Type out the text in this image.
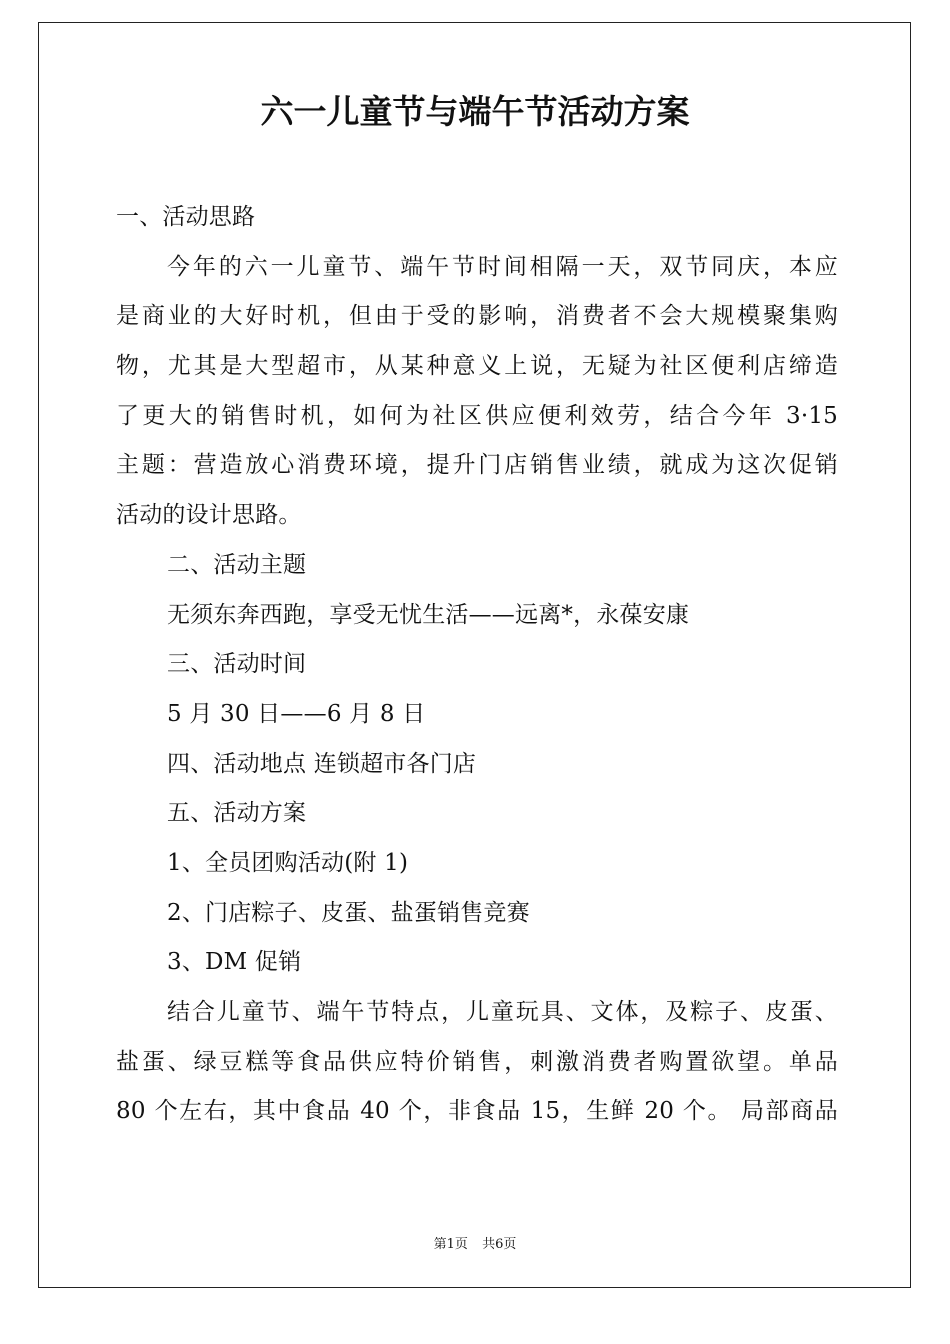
六一儿童节与端午节活动方案
一、活动思路
今年的六一儿童节、端午节时间相隔一天，双节同庆，本应
是商业的大好时机，但由于受的影响，消费者不会大规模聚集购
物，尤其是大型超市，从某种意义上说，无疑为社区便利店缔造
了更大的销售时机，如何为社区供应便利效劳，结合今年 3·15
主题：营造放心消费环境，提升门店销售业绩，就成为这次促销
活动的设计思路。
二、活动主题
无须东奔西跑，享受无忧生活——远离*，永葆安康
三、活动时间
5 月 30 日——6 月 8 日
四、活动地点 连锁超市各门店
五、活动方案
1、全员团购活动(附 1)
2、门店粽子、皮蛋、盐蛋销售竞赛
3、DM 促销
结合儿童节、端午节特点，儿童玩具、文体，及粽子、皮蛋、
盐蛋、绿豆糕等食品供应特价销售，刺激消费者购置欲望。单品
80 个左右，其中食品 40 个，非食品 15，生鲜 20 个。 局部商品
第1页 共6页
